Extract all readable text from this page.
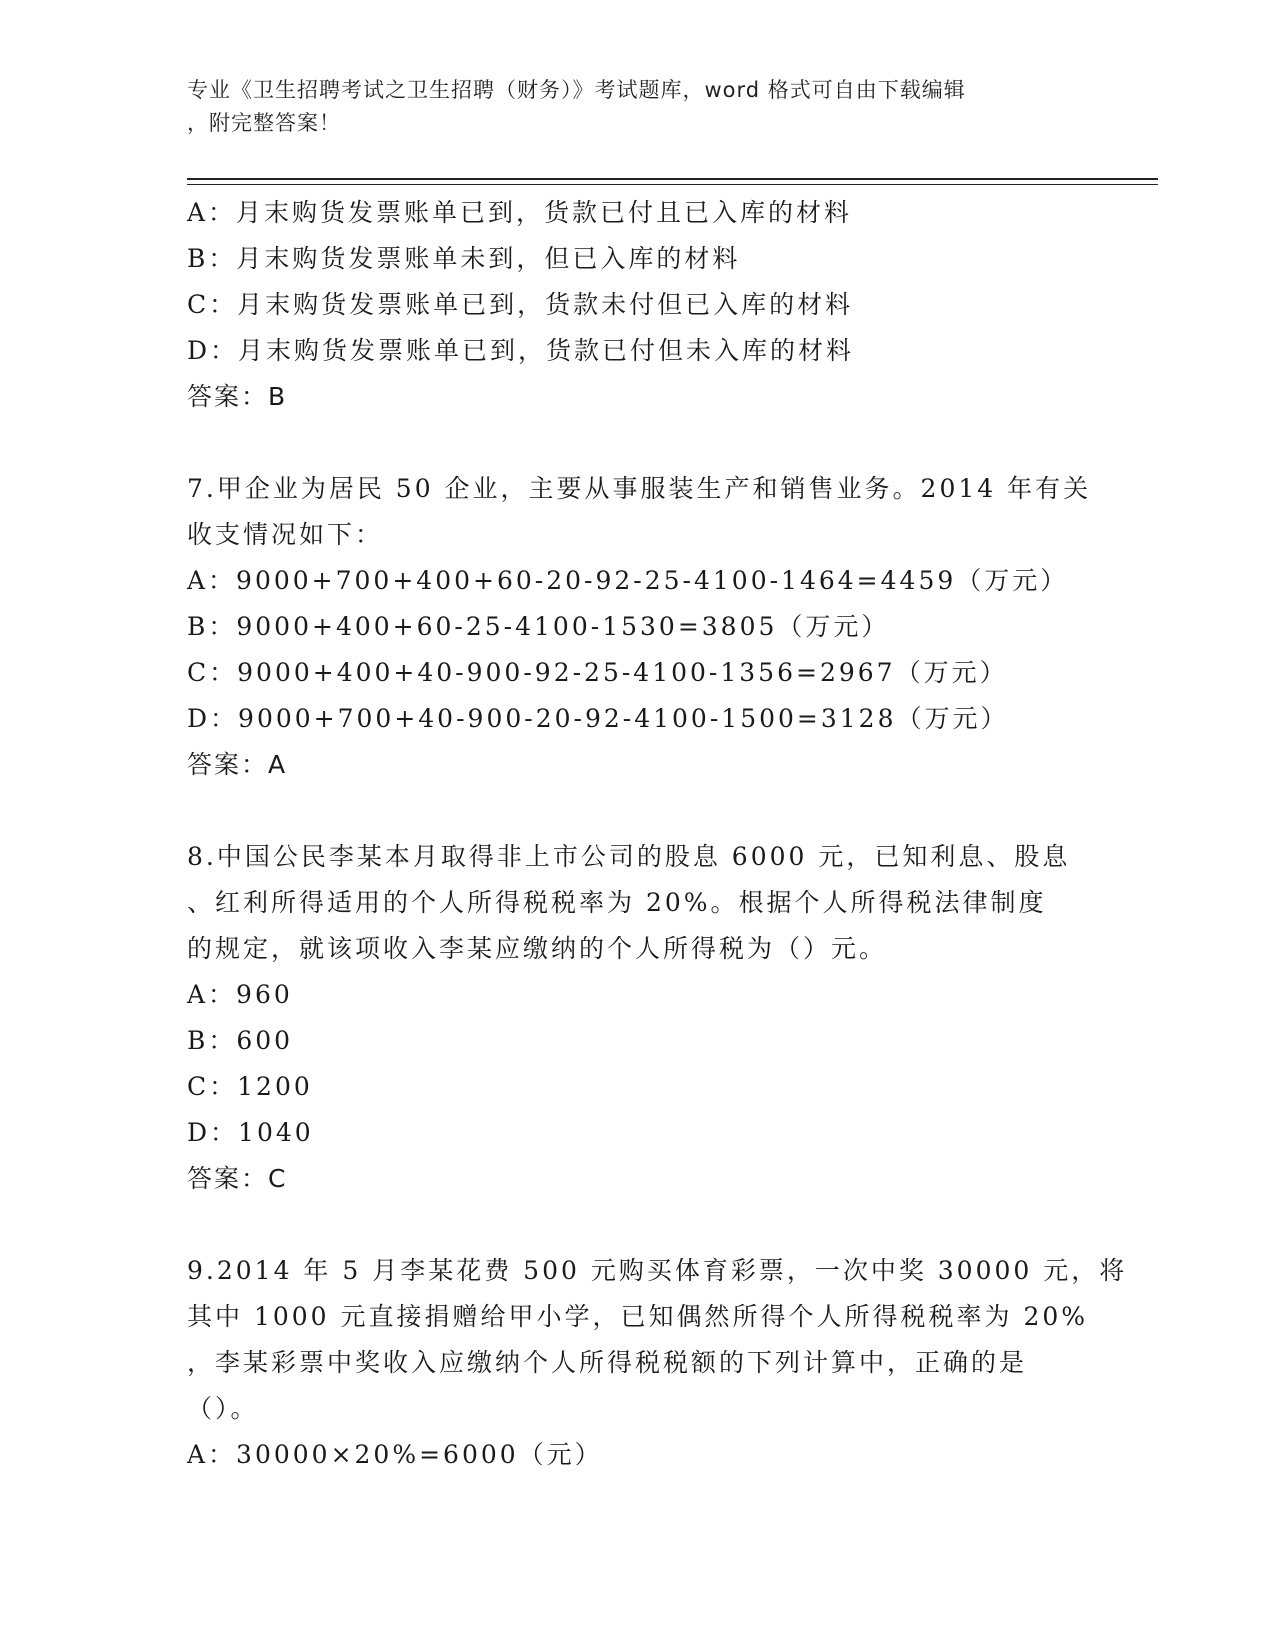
专业《卫生招聘考试之卫生招聘（财务）》考试题库，word 格式可自由下载编辑
，附完整答案！
A：月末购货发票账单已到，货款已付且已入库的材料
B：月末购货发票账单未到，但已入库的材料
C：月末购货发票账单已到，货款未付但已入库的材料
D：月末购货发票账单已到，货款已付但未入库的材料
答案：B
7.甲企业为居民 50 企业，主要从事服装生产和销售业务。2014 年有关
收支情况如下：
A：9000+700+400+60-20-92-25-4100-1464=4459（万元）
B：9000+400+60-25-4100-1530=3805（万元）
C：9000+400+40-900-92-25-4100-1356=2967（万元）
D：9000+700+40-900-20-92-4100-1500=3128（万元）
答案：A
8.中国公民李某本月取得非上市公司的股息 6000 元，已知利息、股息
、红利所得适用的个人所得税税率为 20%。根据个人所得税法律制度
的规定，就该项收入李某应缴纳的个人所得税为（）元。
A：960
B：600
C：1200
D：1040
答案：C
9.2014 年 5 月李某花费 500 元购买体育彩票，一次中奖 30000 元，将
其中 1000 元直接捐赠给甲小学，已知偶然所得个人所得税税率为 20%
，李某彩票中奖收入应缴纳个人所得税税额的下列计算中，正确的是
（）。
A：30000×20%=6000（元）
